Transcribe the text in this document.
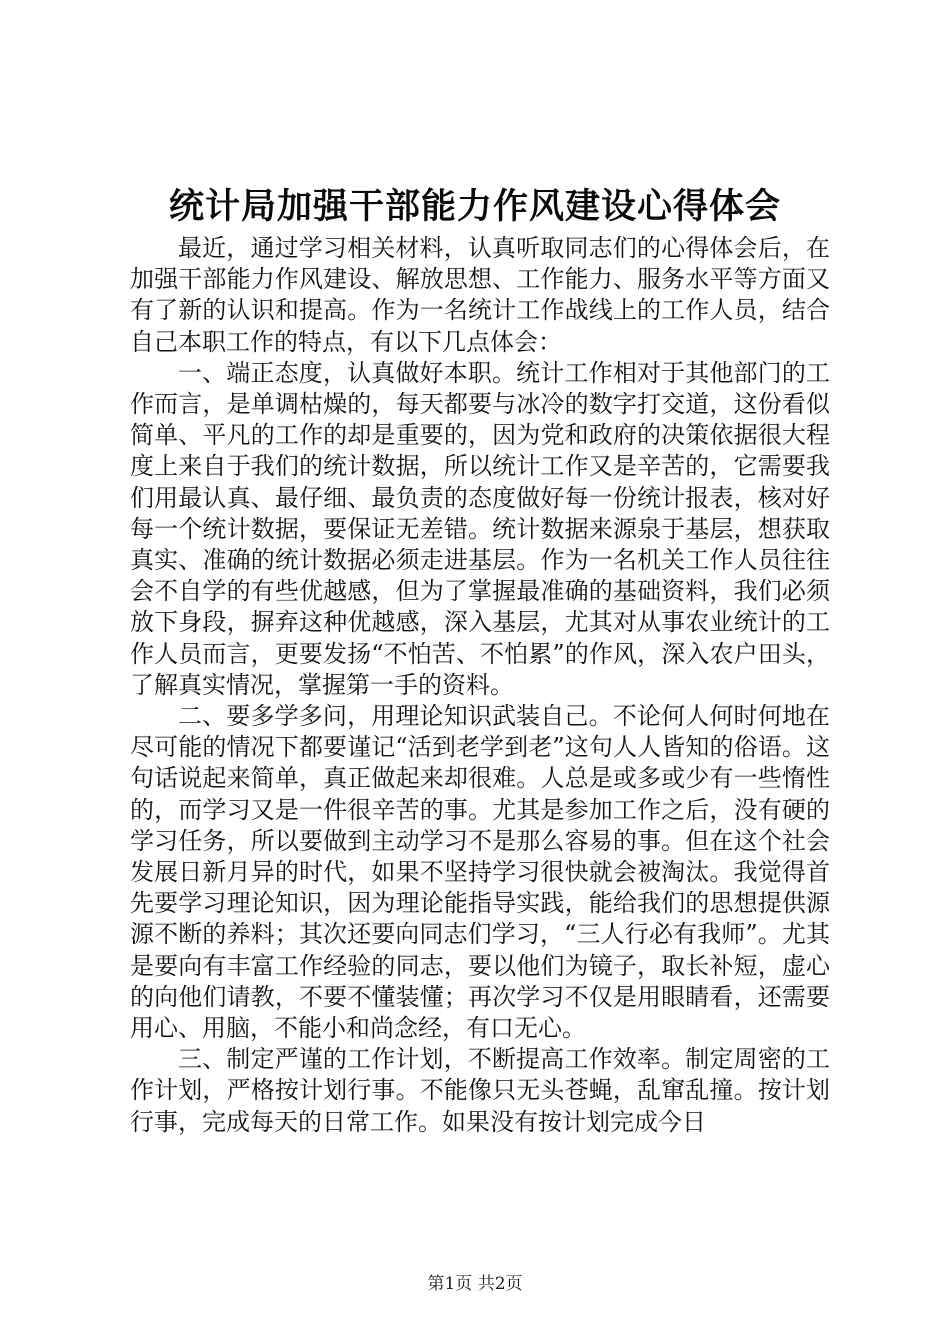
统计局加强干部能力作风建设心得体会

最近，通过学习相关材料，认真听取同志们的心得体会后，在加强干部能力作风建设、解放思想、工作能力、服务水平等方面又有了新的认识和提高。作为一名统计工作战线上的工作人员，结合自己本职工作的特点，有以下几点体会：

一、端正态度，认真做好本职。统计工作相对于其他部门的工作而言，是单调枯燥的，每天都要与冰冷的数字打交道，这份看似简单、平凡的工作的却是重要的，因为党和政府的决策依据很大程度上来自于我们的统计数据，所以统计工作又是辛苦的，它需要我们用最认真、最仔细、最负责的态度做好每一份统计报表，核对好每一个统计数据，要保证无差错。统计数据来源泉于基层，想获取真实、准确的统计数据必须走进基层。作为一名机关工作人员往往会不自学的有些优越感，但为了掌握最准确的基础资料，我们必须放下身段，摒弃这种优越感，深入基层，尤其对从事农业统计的工作人员而言，更要发扬“不怕苦、不怕累”的作风，深入农户田头，了解真实情况，掌握第一手的资料。

二、要多学多问，用理论知识武装自己。不论何人何时何地在尽可能的情况下都要谨记“活到老学到老”这句人人皆知的俗语。这句话说起来简单，真正做起来却很难。人总是或多或少有一些惰性的，而学习又是一件很辛苦的事。尤其是参加工作之后，没有硬的学习任务，所以要做到主动学习不是那么容易的事。但在这个社会发展日新月异的时代，如果不坚持学习很快就会被淘汰。我觉得首先要学习理论知识，因为理论能指导实践，能给我们的思想提供源源不断的养料；其次还要向同志们学习，“三人行必有我师”。尤其是要向有丰富工作经验的同志，要以他们为镜子，取长补短，虚心的向他们请教，不要不懂装懂；再次学习不仅是用眼睛看，还需要用心、用脑，不能小和尚念经，有口无心。

三、制定严谨的工作计划，不断提高工作效率。制定周密的工作计划，严格按计划行事。不能像只无头苍蝇，乱窜乱撞。按计划行事，完成每天的日常工作。如果没有按计划完成今日

第1页 共2页
